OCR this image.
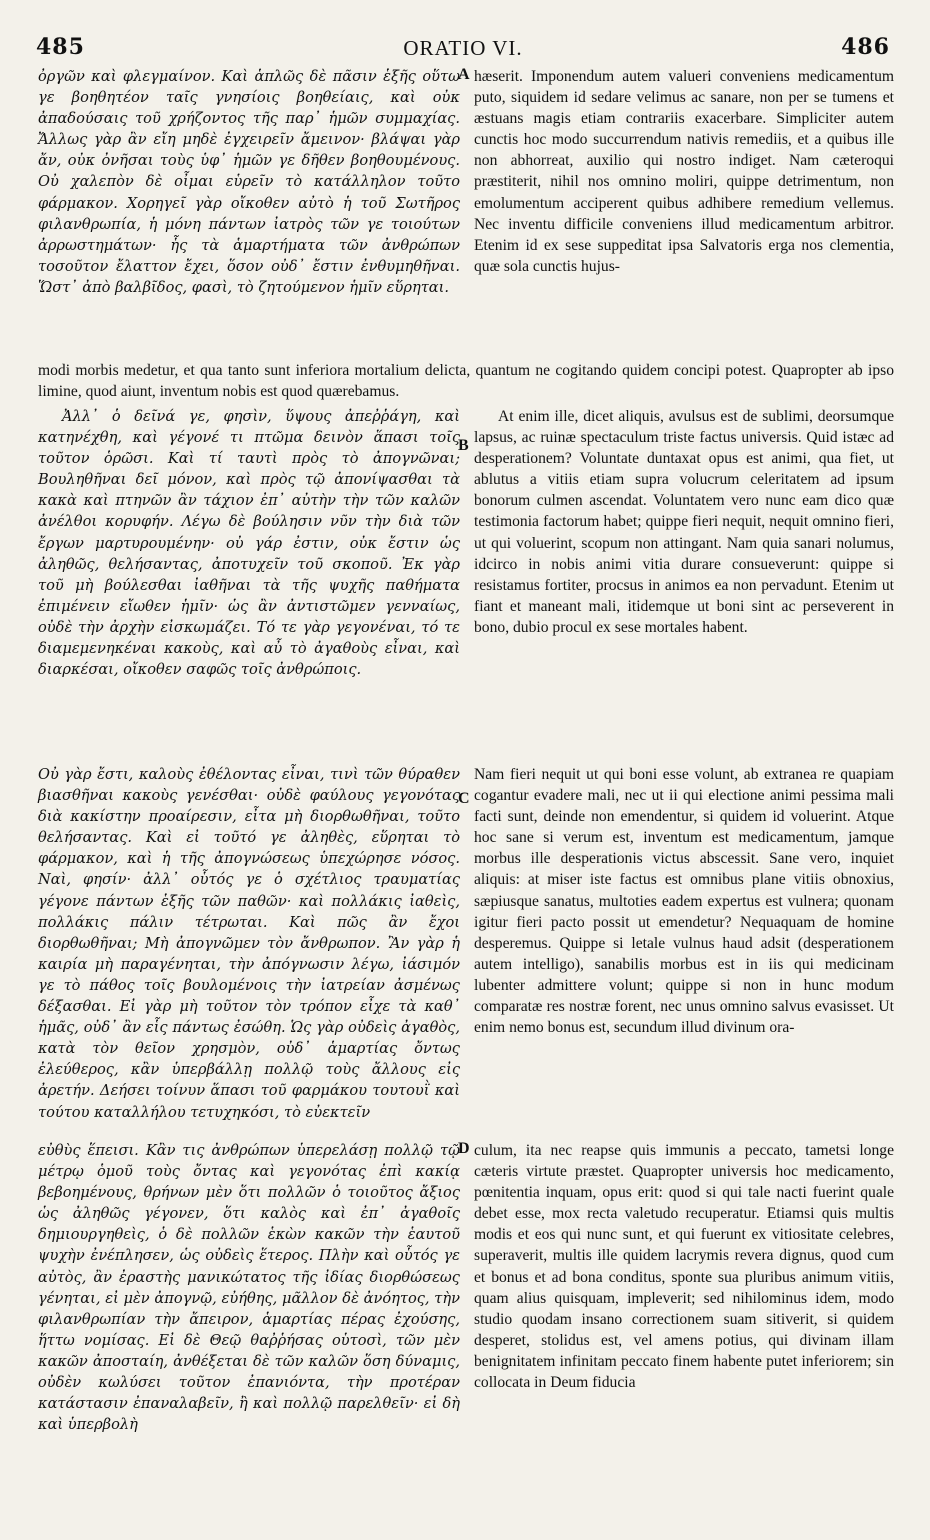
485	ORATIO VI.	486

ὀργῶν καὶ φλεγμαίνον. Καὶ ἁπλῶς δὲ πᾶσιν ἑξῆς οὕτω γε βοηθητέον ταῖς γνησίοις βοηθείαις, καὶ οὐκ ἀπαδούσαις τοῦ χρήζοντος τῆς παρ᾽ ἡμῶν συμμαχίας. Ἄλλως γὰρ ἂν εἴη μηδὲ ἐγχειρεῖν ἄμεινον· βλάψαι γὰρ ἄν, οὐκ ὀνῆσαι τοὺς ὑφ᾽ ἡμῶν γε δῆθεν βοηθουμένους. Οὐ χαλεπὸν δὲ οἶμαι εὑρεῖν τὸ κατάλληλον τοῦτο φάρμακον. Χορηγεῖ γὰρ οἴκοθεν αὐτὸ ἡ τοῦ Σωτῆρος φιλανθρωπία, ἡ μόνη πάντων ἰατρὸς τῶν γε τοιούτων ἀρρωστημάτων· ἧς τὰ ἁμαρτήματα τῶν ἀνθρώπων τοσοῦτον ἔλαττον ἔχει, ὅσον οὐδ᾽ ἔστιν ἐνθυμηθῆναι. Ὥστ᾽ ἀπὸ βαλβῖδος, φασὶ, τὸ ζητούμενον ἡμῖν εὕρηται.

A hæserit. Imponendum autem valueri conveniens medicamentum puto, siquidem id sedare velimus ac sanare, non per se tumens et æstuans magis etiam contrariis exacerbare. Simpliciter autem cunctis hoc modo succurrendum nativis remediis, et a quibus ille non abhorreat, auxilio qui nostro indiget. Nam cæteroqui præstiterit, nihil nos omnino moliri, quippe detrimentum, non emolumentum acciperent quibus adhibere remedium vellemus. Nec inventu difficile conveniens illud medicamentum arbitror. Etenim id ex sese suppeditat ipsa Salvatoris erga nos clementia, quæ sola cunctis hujus-

modi morbis medetur, et qua tanto sunt inferiora mortalium delicta, quantum ne cogitando quidem concipi potest. Quapropter ab ipso limine, quod aiunt, inventum nobis est quod quærebamus.

Ἀλλ᾽ ὁ δεῖνά γε, φησὶν, ὕψους ἀπεῤῥάγη, καὶ κατηνέχθη, καὶ γέγονέ τι πτῶμα δεινὸν ἅπασι τοῖς τοῦτον ὁρῶσι. Καὶ τί ταυτὶ πρὸς τὸ ἀπογνῶναι; Βουληθῆναι δεῖ μόνον, καὶ πρὸς τῷ ἀπονίψασθαι τὰ κακὰ καὶ πτηνῶν ἂν τάχιον ἐπ᾽ αὐτὴν τὴν τῶν καλῶν ἀνέλθοι κορυφήν. Λέγω δὲ βούλησιν νῦν τὴν διὰ τῶν ἔργων μαρτυρουμένην· οὐ γάρ ἐστιν, οὐκ ἔστιν ὡς ἀληθῶς, θελήσαντας, ἀποτυχεῖν τοῦ σκοποῦ. Ἐκ γὰρ τοῦ μὴ βούλεσθαι ἰαθῆναι τὰ τῆς ψυχῆς παθήματα ἐπιμένειν εἴωθεν ἡμῖν· ὡς ἂν ἀντιστῶμεν γενναίως, οὐδὲ τὴν ἀρχὴν εἰσκωμάζει. Τό τε γὰρ γεγονέναι, τό τε διαμεμενηκέναι κακοὺς, καὶ αὖ τὸ ἀγαθοὺς εἶναι, καὶ διαρκέσαι, οἴκοθεν σαφῶς τοῖς ἀνθρώποις.

B

At enim ille, dicet aliquis, avulsus est de sublimi, deorsumque lapsus, ac ruinæ spectaculum triste factus universis. Quid istæc ad desperationem? Voluntate duntaxat opus est animi, qua fiet, ut ablutus a vitiis etiam supra volucrum celeritatem ad ipsum bonorum culmen ascendat. Voluntatem vero nunc eam dico quæ testimonia factorum habet; quippe fieri nequit, nequit omnino fieri, ut qui voluerint, scopum non attingant. Nam quia sanari nolumus, idcirco in nobis animi vitia durare consueverunt: quippe si resistamus fortiter, procsus in animos ea non pervadunt. Etenim ut fiant et maneant mali, itidemque ut boni sint ac perseverent in bono, dubio procul ex sese mortales habent.

Οὐ γὰρ ἔστι, καλοὺς ἐθέλοντας εἶναι, τινὶ τῶν θύραθεν βιασθῆναι κακοὺς γενέσθαι· οὐδὲ φαύλους γεγονότας διὰ κακίστην προαίρεσιν, εἶτα μὴ διορθωθῆναι, τοῦτο θελήσαντας. Καὶ εἰ τοῦτό γε ἀληθὲς, εὕρηται τὸ φάρμακον, καὶ ἡ τῆς ἀπογνώσεως ὑπεχώρησε νόσος. Ναὶ, φησίν· ἀλλ᾽ οὗτός γε ὁ σχέτλιος τραυματίας γέγονε πάντων ἑξῆς τῶν παθῶν· καὶ πολλάκις ἰαθεὶς, πολλάκις πάλιν τέτρωται. Καὶ πῶς ἂν ἔχοι διορθωθῆναι; Μὴ ἀπογνῶμεν τὸν ἄνθρωπον. Ἂν γὰρ ἡ καιρία μὴ παραγένηται, τὴν ἀπόγνωσιν λέγω, ἰάσιμόν γε τὸ πάθος τοῖς βουλομένοις τὴν ἰατρείαν ἀσμένως δέξασθαι. Εἰ γὰρ μὴ τοῦτον τὸν τρόπον εἶχε τὰ καθ᾽ ἡμᾶς, οὐδ᾽ ἂν εἷς πάντως ἐσώθη. Ὡς γὰρ οὐδεὶς ἀγαθὸς, κατὰ τὸν θεῖον χρησμὸν, οὐδ᾽ ἁμαρτίας ὄντως ἐλεύθερος, κἂν ὑπερβάλλῃ πολλῷ τοὺς ἄλλους εἰς ἀρετήν. Δεήσει τοίνυν ἅπασι τοῦ φαρμάκου τουτουῒ καὶ τούτου καταλλήλου τετυχηκόσι, τὸ εὐεκτεῖν

C

Nam fieri nequit ut qui boni esse volunt, ab extranea re quapiam cogantur evadere mali, nec ut ii qui electione animi pessima mali facti sunt, deinde non emendentur, si quidem id voluerint. Atque hoc sane si verum est, inventum est medicamentum, jamque morbus ille desperationis victus abscessit. Sane vero, inquiet aliquis: at miser iste factus est omnibus plane vitiis obnoxius, sæpiusque sanatus, multoties eadem expertus est vulnera; quonam igitur fieri pacto possit ut emendetur? Nequaquam de homine desperemus. Quippe si letale vulnus haud adsit (desperationem autem intelligo), sanabilis morbus est in iis qui medicinam lubenter admittere volunt; quippe si non in hunc modum comparatæ res nostræ forent, nec unus omnino salvus evasisset. Ut enim nemo bonus est, secundum illud divinum ora-

εὐθὺς ἕπεισι. Κἂν τις ἀνθρώπων ὑπερελάσῃ πολλῷ τῷ μέτρῳ ὁμοῦ τοὺς ὄντας καὶ γεγονότας ἐπὶ κακίᾳ βεβοημένους, θρήνων μὲν ὅτι πολλῶν ὁ τοιοῦτος ἄξιος ὡς ἀληθῶς γέγονεν, ὅτι καλὸς καὶ ἐπ᾽ ἀγαθοῖς δημιουργηθεὶς, ὁ δὲ πολλῶν ἑκὼν κακῶν τὴν ἑαυτοῦ ψυχὴν ἐνέπλησεν, ὡς οὐδεὶς ἕτερος. Πλὴν καὶ οὗτός γε αὐτὸς, ἂν ἐραστὴς μανικώτατος τῆς ἰδίας διορθώσεως γένηται, εἰ μὲν ἀπογνῷ, εὐήθης, μᾶλλον δὲ ἀνόητος, τὴν φιλανθρωπίαν τὴν ἄπειρον, ἁμαρτίας πέρας ἐχούσης, ἥττω νομίσας. Εἰ δὲ Θεῷ θαῤῥήσας οὑτοσὶ, τῶν μὲν κακῶν ἀποσταίη, ἀνθέξεται δὲ τῶν καλῶν ὅση δύναμις, οὐδὲν κωλύσει τοῦτον ἐπανιόντα, τὴν προτέραν κατάστασιν ἐπαναλαβεῖν, ἢ καὶ πολλῷ παρελθεῖν· εἰ δὴ καὶ ὑπερβολὴ

D culum, ita nec reapse quis immunis a peccato, tametsi longe cæteris virtute præstet. Quapropter universis hoc medicamento, pœnitentia inquam, opus erit: quod si qui tale nacti fuerint quale debet esse, mox recta valetudo recuperatur. Etiamsi quis multis modis et eos qui nunc sunt, et qui fuerunt ex vitiositate celebres, superaverit, multis ille quidem lacrymis revera dignus, quod cum et bonus et ad bona conditus, sponte sua pluribus animum vitiis, quam alius quisquam, impleverit; sed nihilominus idem, modo studio quodam insano correctionem suam sitiverit, si quidem desperet, stolidus est, vel amens potius, qui divinam illam benignitatem infinitam peccato finem habente putet inferiorem; sin collocata in Deum fiducia
